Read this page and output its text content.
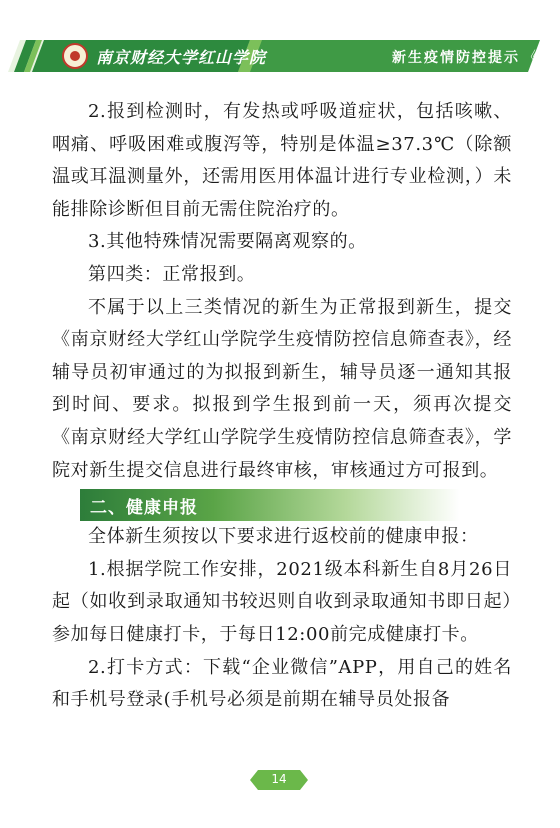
南京财经大学红山学院	新生疫情防控提示 《

2.报到检测时，有发热或呼吸道症状，包括咳嗽、咽痛、呼吸困难或腹泻等，特别是体温≥37.3℃（除额温或耳温测量外，还需用医用体温计进行专业检测，）未能排除诊断但目前无需住院治疗的。

3.其他特殊情况需要隔离观察的。

第四类：正常报到。

不属于以上三类情况的新生为正常报到新生，提交《南京财经大学红山学院学生疫情防控信息筛查表》，经辅导员初审通过的为拟报到新生，辅导员逐一通知其报到时间、要求。拟报到学生报到前一天，须再次提交《南京财经大学红山学院学生疫情防控信息筛查表》，学院对新生提交信息进行最终审核，审核通过方可报到。

二、健康申报

全体新生须按以下要求进行返校前的健康申报：

1.根据学院工作安排，2021级本科新生自8月26日起（如收到录取通知书较迟则自收到录取通知书即日起）参加每日健康打卡，于每日12:00前完成健康打卡。

2.打卡方式：下载“企业微信”APP，用自己的姓名和手机号登录(手机号必须是前期在辅导员处报备

14
